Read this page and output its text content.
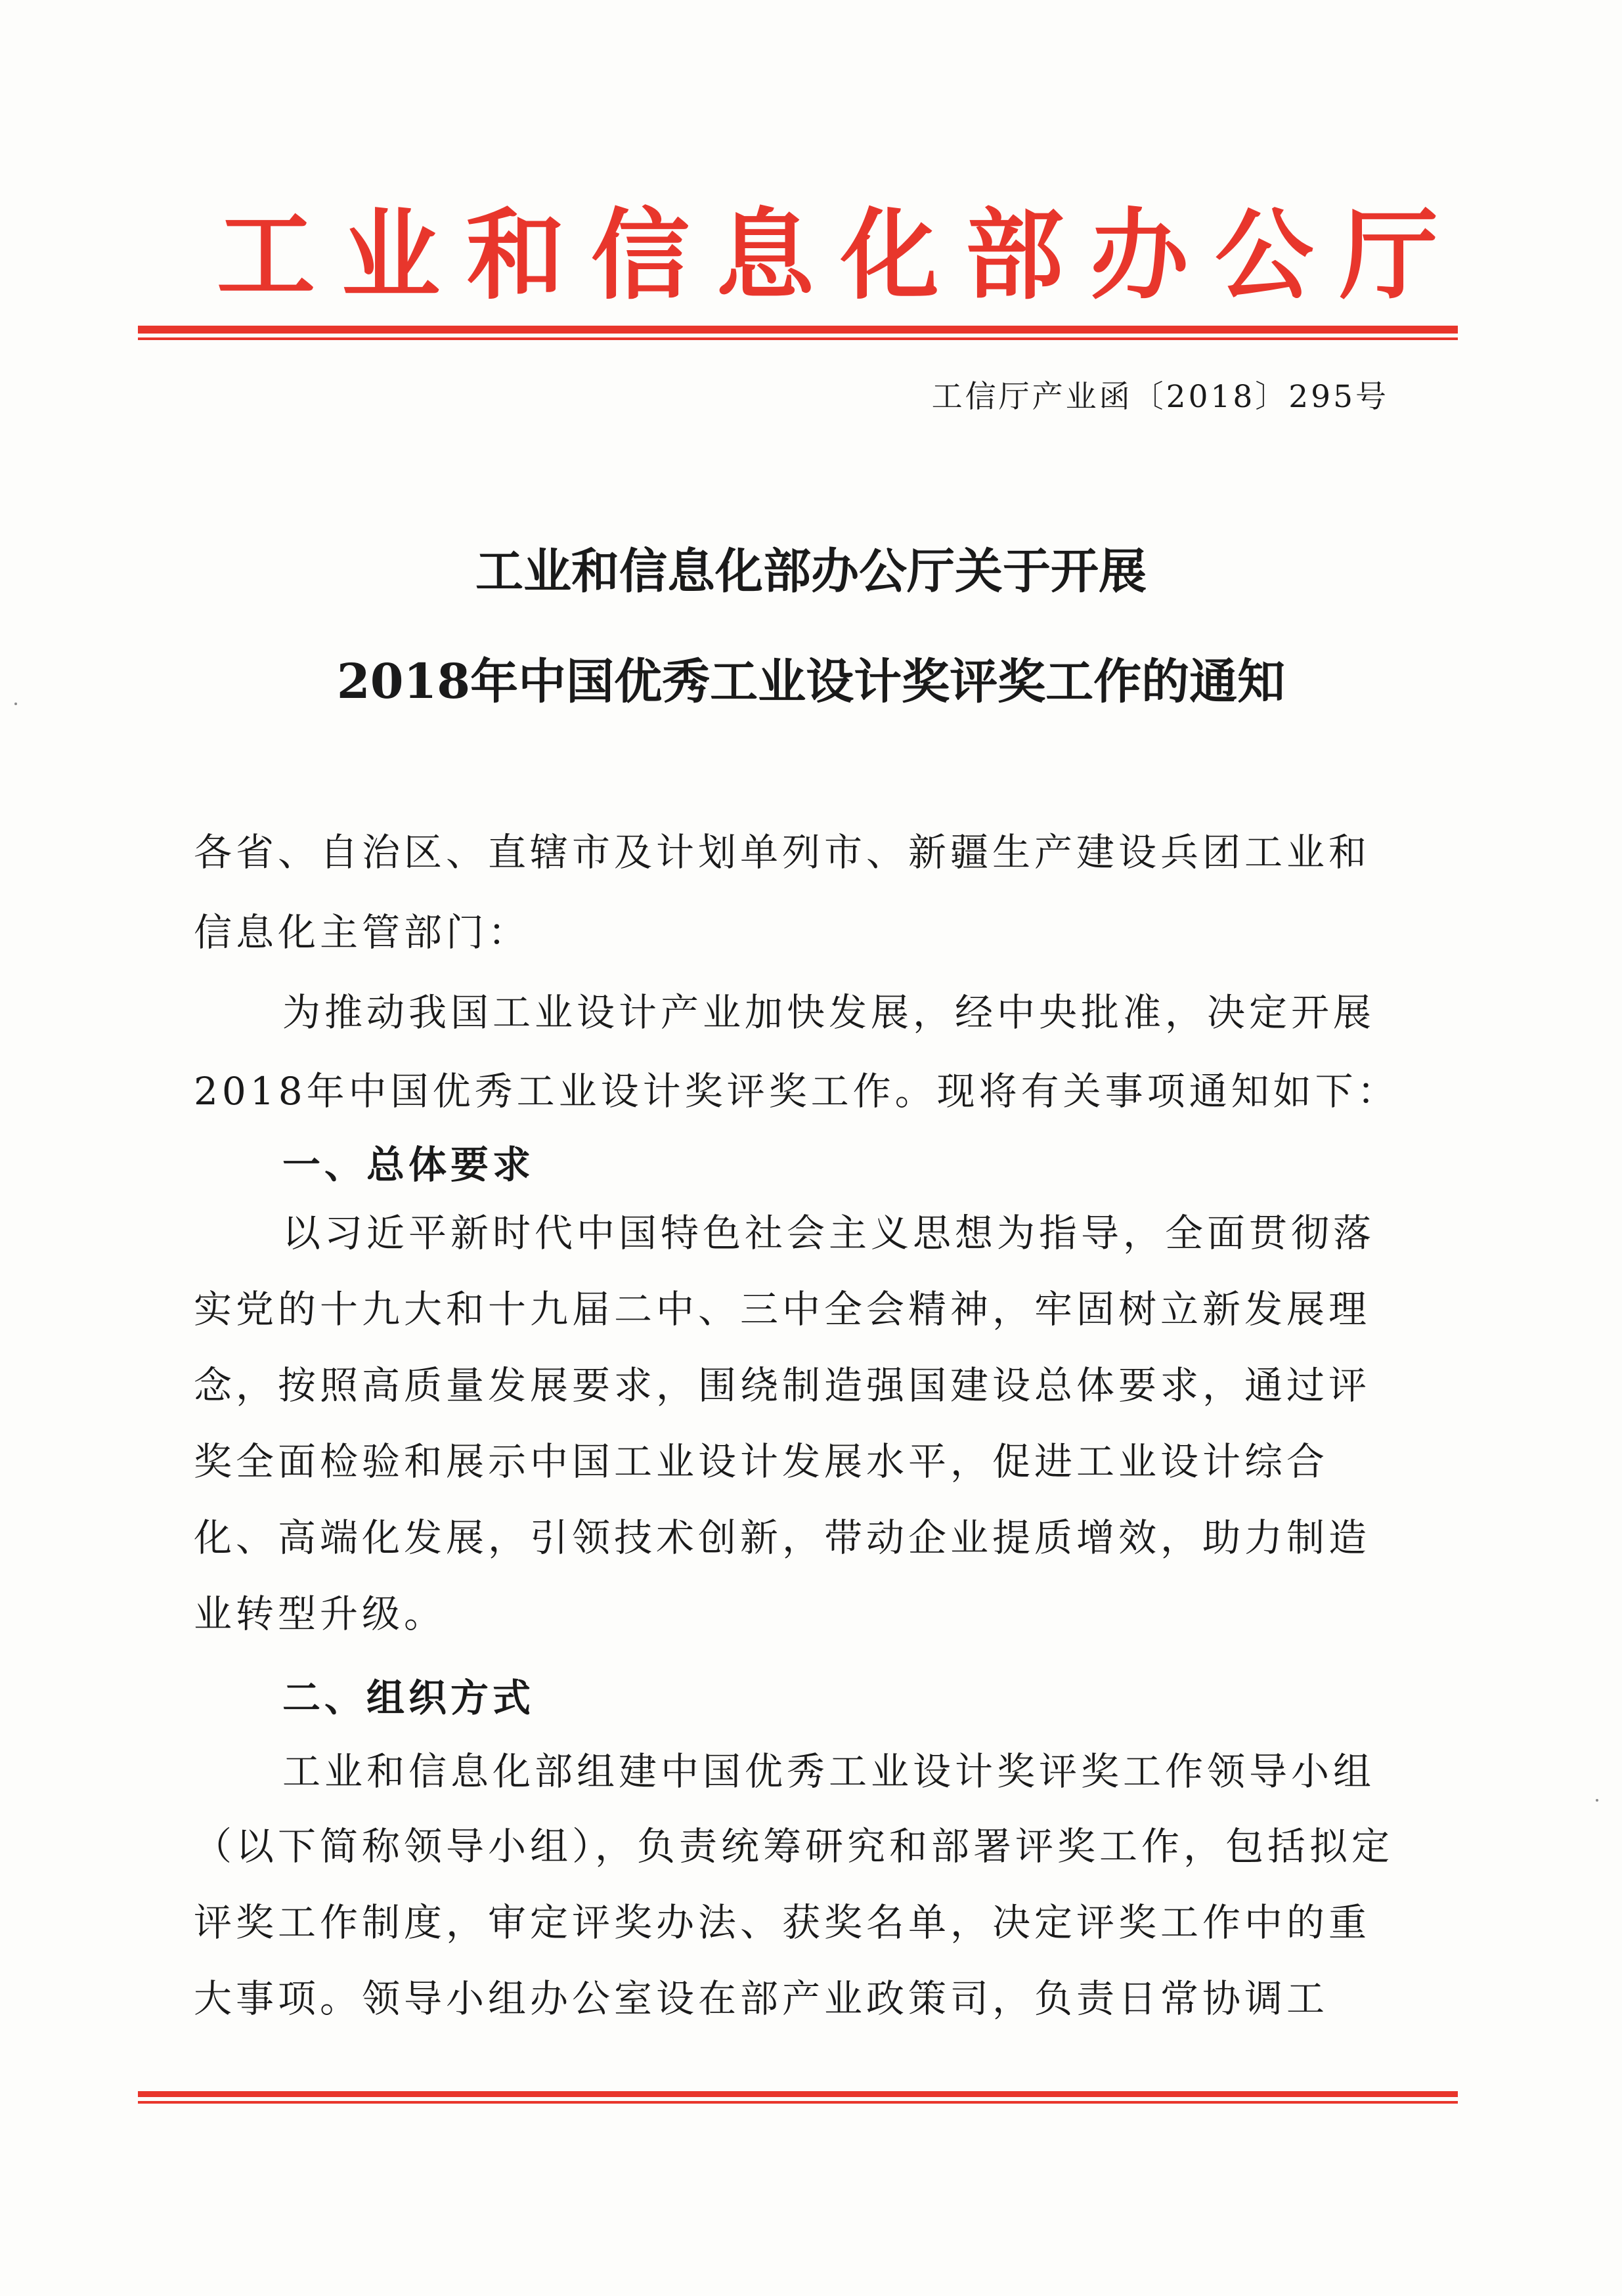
工业和信息化部办公厅
工信厅产业函〔2018〕295号
工业和信息化部办公厅关于开展
2018年中国优秀工业设计奖评奖工作的通知
各省、自治区、直辖市及计划单列市、新疆生产建设兵团工业和
信息化主管部门：
为推动我国工业设计产业加快发展，经中央批准，决定开展
2018年中国优秀工业设计奖评奖工作。现将有关事项通知如下：
一、总体要求
以习近平新时代中国特色社会主义思想为指导，全面贯彻落
实党的十九大和十九届二中、三中全会精神，牢固树立新发展理
念，按照高质量发展要求，围绕制造强国建设总体要求，通过评
奖全面检验和展示中国工业设计发展水平，促进工业设计综合
化、高端化发展，引领技术创新，带动企业提质增效，助力制造
业转型升级。
二、组织方式
工业和信息化部组建中国优秀工业设计奖评奖工作领导小组
（以下简称领导小组），负责统筹研究和部署评奖工作，包括拟定
评奖工作制度，审定评奖办法、获奖名单，决定评奖工作中的重
大事项。领导小组办公室设在部产业政策司，负责日常协调工
